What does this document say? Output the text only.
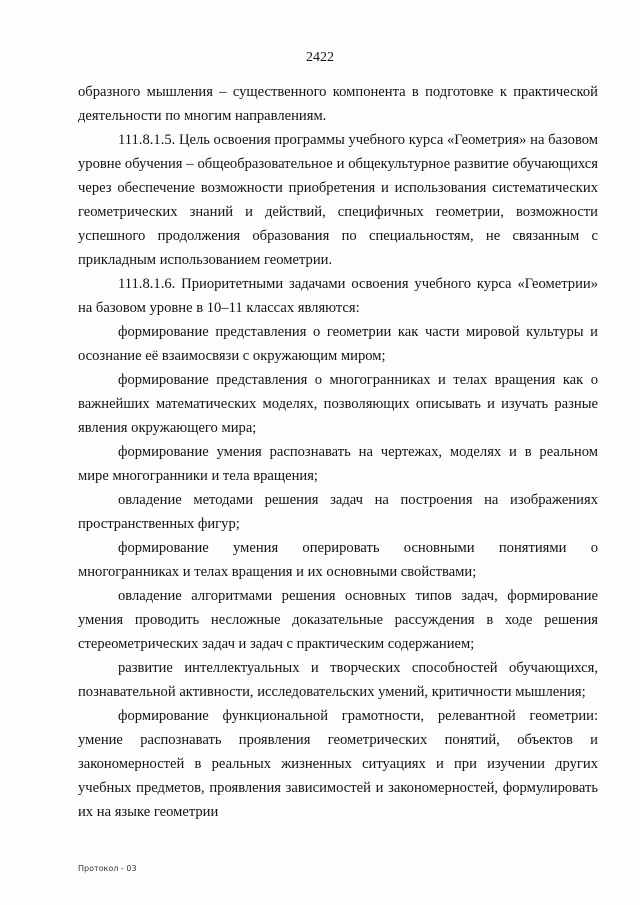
2422

образного мышления – существенного компонента в подготовке к практической деятельности по многим направлениям.

111.8.1.5. Цель освоения программы учебного курса «Геометрия» на базовом уровне обучения – общеобразовательное и общекультурное развитие обучающихся через обеспечение возможности приобретения и использования систематических геометрических знаний и действий, специфичных геометрии, возможности успешного продолжения образования по специальностям, не связанным с прикладным использованием геометрии.

111.8.1.6. Приоритетными задачами освоения учебного курса «Геометрии» на базовом уровне в 10–11 классах являются:

формирование представления о геометрии как части мировой культуры и осознание её взаимосвязи с окружающим миром;

формирование представления о многогранниках и телах вращения как о важнейших математических моделях, позволяющих описывать и изучать разные явления окружающего мира;

формирование умения распознавать на чертежах, моделях и в реальном мире многогранники и тела вращения;

овладение методами решения задач на построения на изображениях пространственных фигур;

формирование умения оперировать основными понятиями о многогранниках и телах вращения и их основными свойствами;

овладение алгоритмами решения основных типов задач, формирование умения проводить несложные доказательные рассуждения в ходе решения стереометрических задач и задач с практическим содержанием;

развитие интеллектуальных и творческих способностей обучающихся, познавательной активности, исследовательских умений, критичности мышления;

формирование функциональной грамотности, релевантной геометрии: умение распознавать проявления геометрических понятий, объектов и закономерностей в реальных жизненных ситуациях и при изучении других учебных предметов, проявления зависимостей и закономерностей, формулировать их на языке геометрии

Протокол - 03
